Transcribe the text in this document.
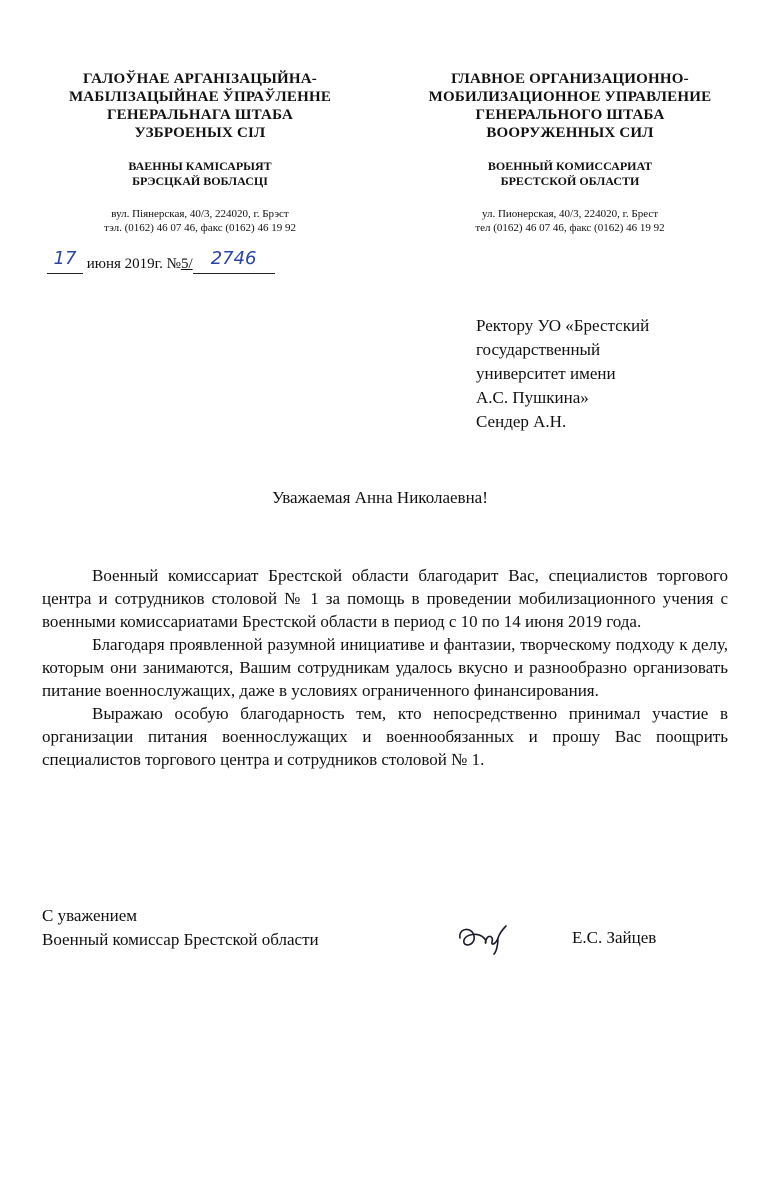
ГАЛОЎНАЕ АРГАНІЗАЦЫЙНА-
МАБІЛІЗАЦЫЙНАЕ ЎПРАЎЛЕННЕ
ГЕНЕРАЛЬНАГА ШТАБА
УЗБРОЕНЫХ СІЛ
ВАЕННЫ КАМІСАРЫЯТ
БРЭСЦКАЙ ВОБЛАСЦІ
вул. Піянерская, 40/3, 224020, г. Брэст
тэл. (0162) 46 07 46, факс (0162) 46 19 92
ГЛАВНОЕ ОРГАНИЗАЦИОННО-
МОБИЛИЗАЦИОННОЕ УПРАВЛЕНИЕ
ГЕНЕРАЛЬНОГО ШТАБА
ВООРУЖЕННЫХ СИЛ
ВОЕННЫЙ КОМИССАРИАТ
БРЕСТСКОЙ ОБЛАСТИ
ул. Пионерская, 40/3, 224020, г. Брест
тел (0162) 46 07 46, факс (0162) 46 19 92
17 июня 2019г. №5/ 2746
Ректору УО «Брестский
государственный
университет имени
А.С. Пушкина»
Сендер А.Н.
Уважаемая Анна Николаевна!

Военный комиссариат Брестской области благодарит Вас, специалистов торгового центра и сотрудников столовой № 1 за помощь в проведении мобилизационного учения с военными комиссариатами Брестской области в период с 10 по 14 июня 2019 года.

Благодаря проявленной разумной инициативе и фантазии, творческому подходу к делу, которым они занимаются, Вашим сотрудникам удалось вкусно и разнообразно организовать питание военнослужащих, даже в условиях ограниченного финансирования.

Выражаю особую благодарность тем, кто непосредственно принимал участие в организации питания военнослужащих и военнообязанных и прошу Вас поощрить специалистов торгового центра и сотрудников столовой № 1.

С уважением
Военный комиссар Брестской области	Е.С. Зайцев
